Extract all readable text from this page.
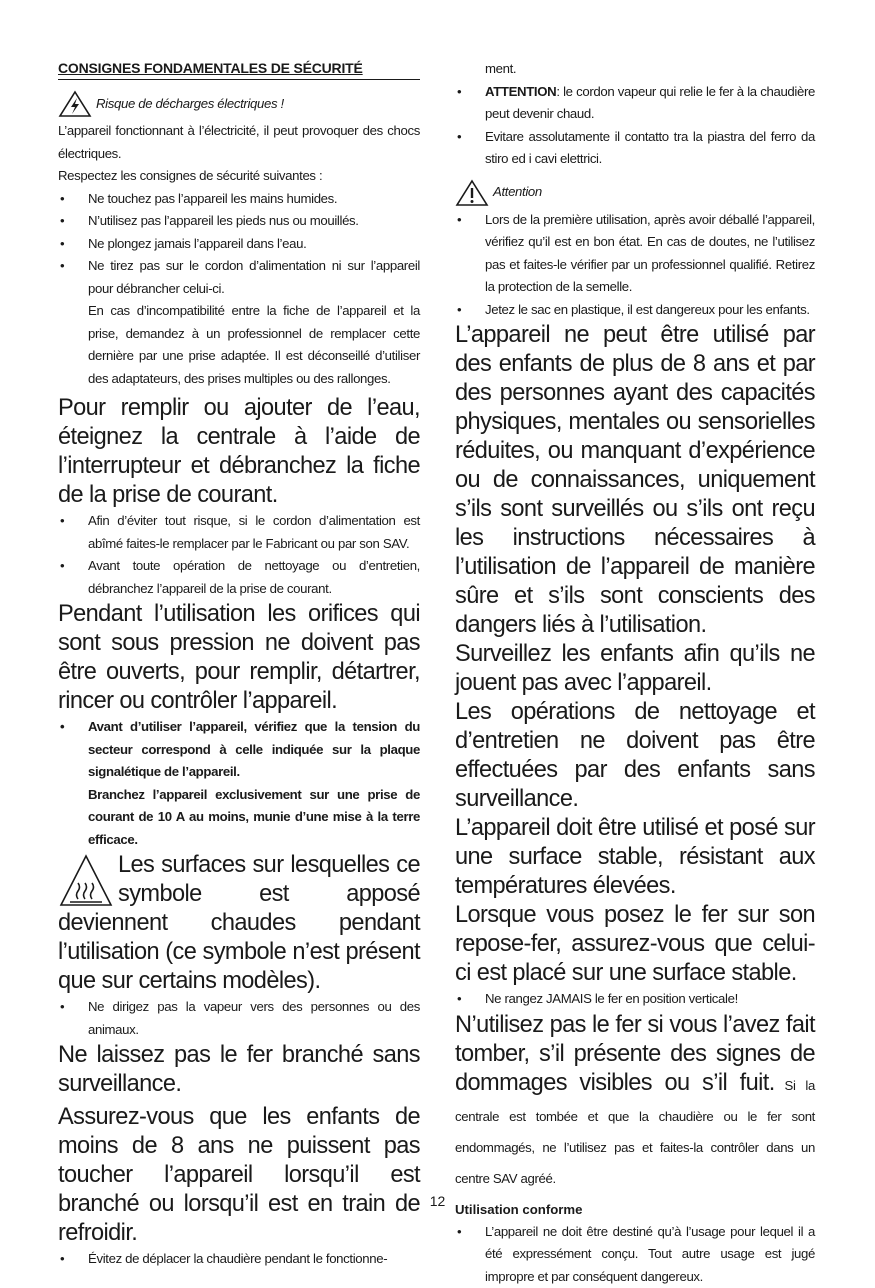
CONSIGNES FONDAMENTALES DE SÉCURITÉ
Risque de décharges électriques !

L’appareil fonctionnant à l’électricité, il peut provoquer des chocs électriques.

Respectez les consignes de sécurité suivantes :

• Ne touchez pas l’appareil les mains humides.
• N’utilisez pas l’appareil les pieds nus ou mouillés.
• Ne plongez jamais l’appareil dans l’eau.
• Ne tirez pas sur le cordon d’alimentation ni sur l’appareil pour débrancher celui-ci.
En cas d’incompatibilité entre la fiche de l’appareil et la prise, demandez à un professionnel de remplacer cette dernière par une prise adaptée. Il est déconseillé d’utiliser des adaptateurs, des prises multiples ou des rallonges.

Pour remplir ou ajouter de l’eau, éteignez la centrale à l’aide de l’interrupteur et débranchez la fiche de la prise de courant.

• Afin d’éviter tout risque, si le cordon d’alimentation est abîmé faites-le remplacer par le Fabricant ou par son SAV.
• Avant toute opération de nettoyage ou d’entretien, débranchez l’appareil de la prise de courant.

Pendant l’utilisation les orifices qui sont sous pression ne doivent pas être ouverts, pour remplir, détartrer, rincer ou contrôler l’appareil.

• Avant d’utiliser l’appareil, vérifiez que la tension du secteur correspond à celle indiquée sur la plaque signalétique de l’appareil.
Branchez l’appareil exclusivement sur une prise de courant de 10 A au moins, munie d’une mise à la terre efficace.

Les surfaces sur lesquelles ce symbole est apposé deviennent chaudes pendant l’utilisation (ce symbole n’est présent que sur certains modèles).

• Ne dirigez pas la vapeur vers des personnes ou des animaux.

Ne laissez pas le fer branché sans surveillance.

Assurez-vous que les enfants de moins de 8 ans ne puissent pas toucher l’appareil lorsqu’il est branché ou lorsqu’il est en train de refroidir.

• Évitez de déplacer la chaudière pendant le fonctionne-
ment.
• ATTENTION: le cordon vapeur qui relie le fer à la chaudière peut devenir chaud.
• Evitare assolutamente il contatto tra la piastra del ferro da stiro ed i cavi elettrici.
Attention
• Lors de la première utilisation, après avoir déballé l’appareil, vérifiez qu’il est en bon état. En cas de doutes, ne l’utilisez pas et faites-le vérifier par un professionnel qualifié. Retirez la protection de la semelle.
• Jetez le sac en plastique, il est dangereux pour les enfants.

L’appareil ne peut être utilisé par des enfants de plus de 8 ans et par des personnes ayant des capacités physiques, mentales ou sensorielles réduites, ou manquant d’expérience ou de connaissances, uniquement s’ils sont surveillés ou s’ils ont reçu les instructions nécessaires à l’utilisation de l’appareil de manière sûre et s’ils sont conscients des dangers liés à l’utilisation.

Surveillez les enfants afin qu’ils ne jouent pas avec l’appareil.

Les opérations de nettoyage et d’entretien ne doivent pas être effectuées par des enfants sans surveillance.

L’appareil doit être utilisé et posé sur une surface stable, résistant aux températures élevées.

Lorsque vous posez le fer sur son repose-fer, assurez-vous que celui-ci est placé sur une surface stable.

• Ne rangez JAMAIS le fer en position verticale!

N’utilisez pas le fer si vous l’avez fait tomber, s’il présente des signes de dommages visibles ou s’il fuit. Si la centrale est tombée et que la chaudière ou le fer sont endommagés, ne l’utilisez pas et faites-la contrôler dans un centre SAV agréé.

Utilisation conforme
• L’appareil ne doit être destiné qu’à l’usage pour lequel il a été expressément conçu. Tout autre usage est jugé impropre et par conséquent dangereux.
12
